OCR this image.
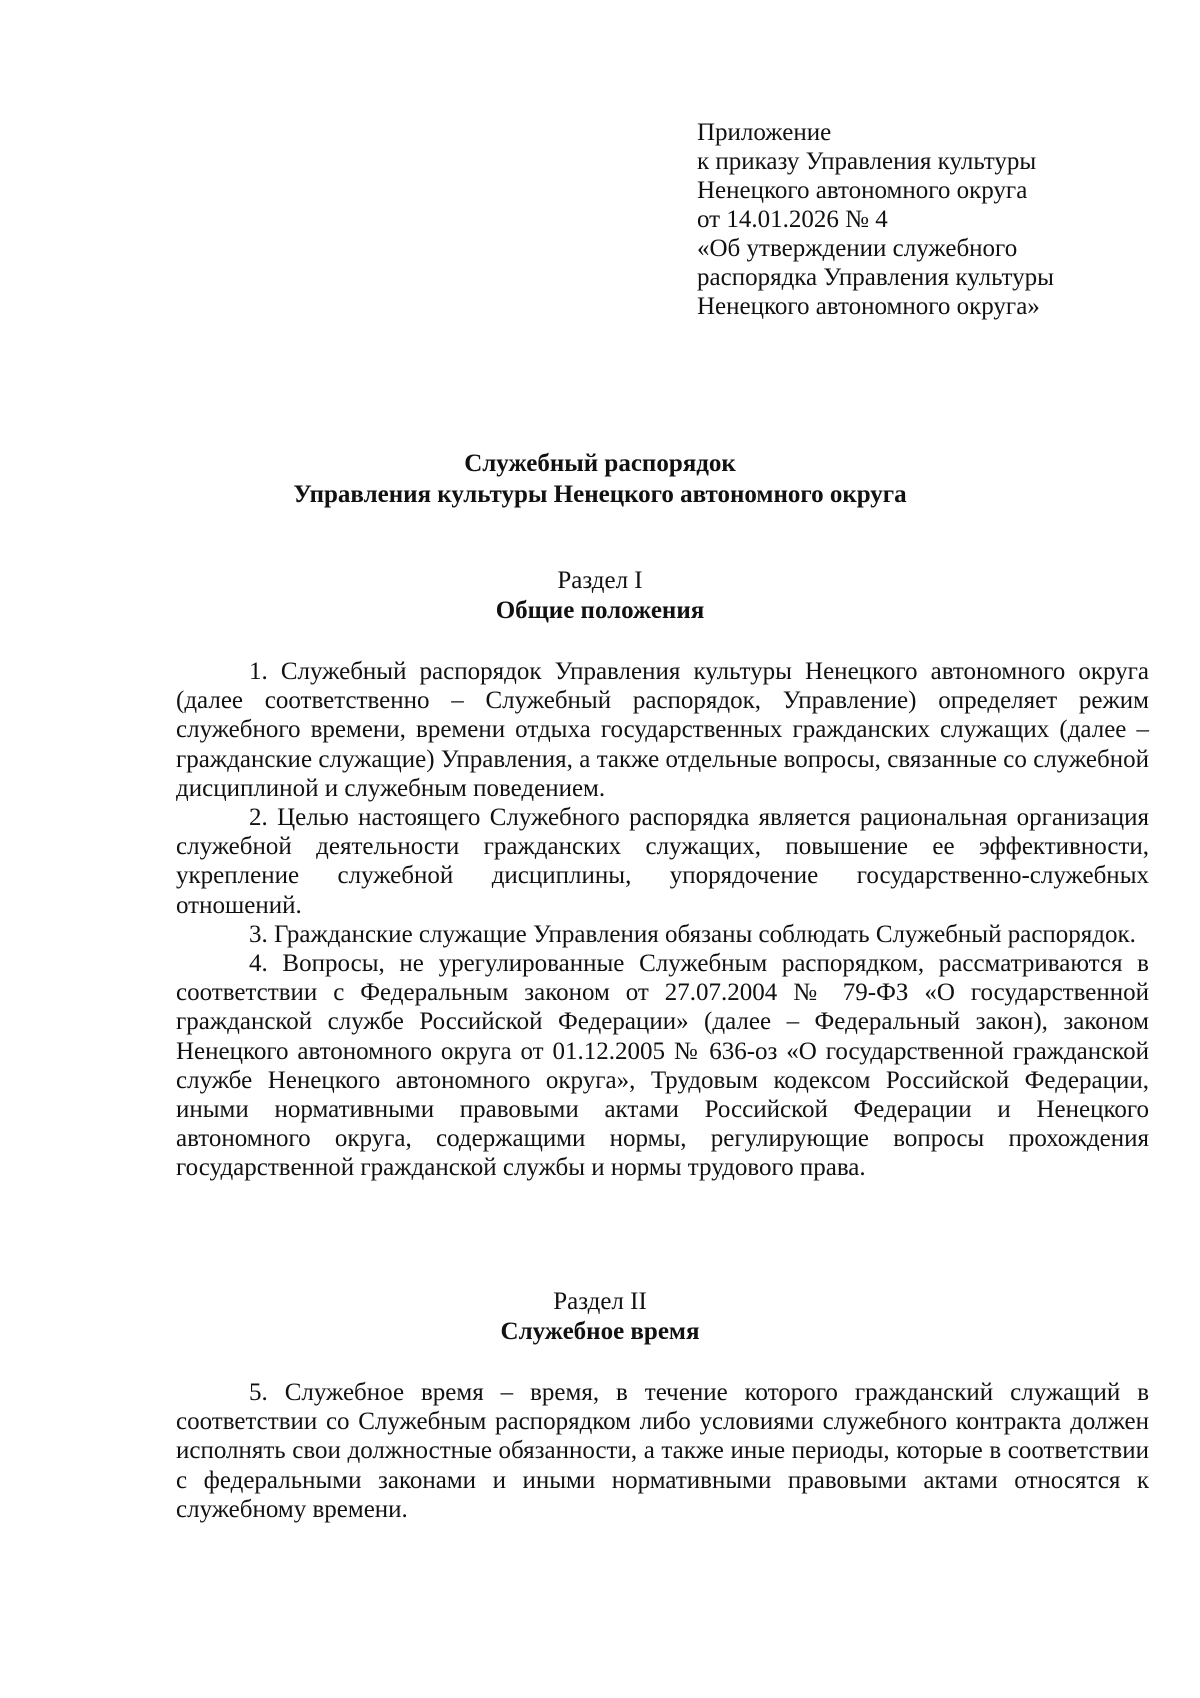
Приложение
к приказу Управления культуры
Ненецкого автономного округа
от 14.01.2026 № 4
«Об утверждении служебного
распорядка Управления культуры
Ненецкого автономного округа»
Служебный распорядок
Управления культуры Ненецкого автономного округа
Раздел I
Общие положения

1. Служебный распорядок Управления культуры Ненецкого автономного округа (далее соответственно – Служебный распорядок, Управление) определяет режим служебного времени, времени отдыха государственных гражданских служащих (далее – гражданские служащие) Управления, а также отдельные вопросы, связанные со служебной дисциплиной и служебным поведением.

2. Целью настоящего Служебного распорядка является рациональная организация служебной деятельности гражданских служащих, повышение ее эффективности, укрепление служебной дисциплины, упорядочение государственно-служебных отношений.

3. Гражданские служащие Управления обязаны соблюдать Служебный распорядок.

4. Вопросы, не урегулированные Служебным распорядком, рассматриваются в соответствии с Федеральным законом от 27.07.2004 № 79-ФЗ «О государственной гражданской службе Российской Федерации» (далее – Федеральный закон), законом Ненецкого автономного округа от 01.12.2005 № 636-оз «О государственной гражданской службе Ненецкого автономного округа», Трудовым кодексом Российской Федерации, иными нормативными правовыми актами Российской Федерации и Ненецкого автономного округа, содержащими нормы, регулирующие вопросы прохождения государственной гражданской службы и нормы трудового права.

Раздел II
Служебное время

5. Служебное время – время, в течение которого гражданский служащий в соответствии со Служебным распорядком либо условиями служебного контракта должен исполнять свои должностные обязанности, а также иные периоды, которые в соответствии с федеральными законами и иными нормативными правовыми актами относятся к служебному времени.
